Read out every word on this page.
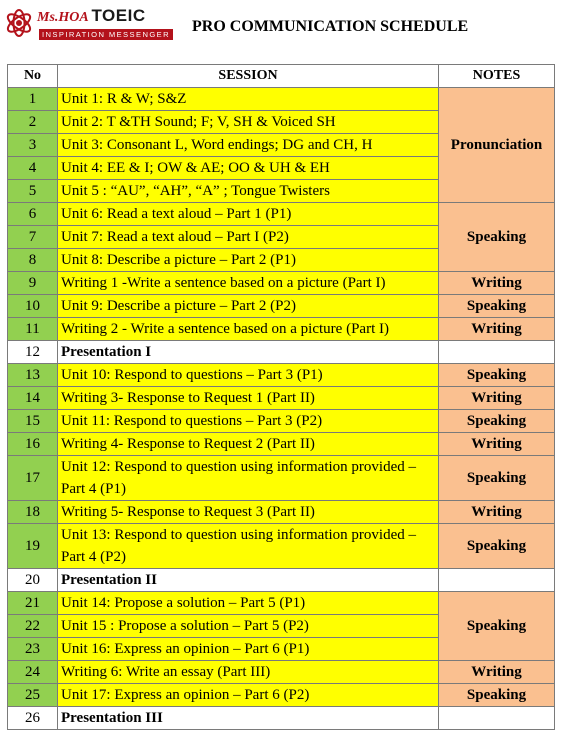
Ms.HOA TOEIC
INSPIRATION MESSENGER PRO COMMUNICATION SCHEDULE
No	SESSION	NOTES
1	Unit 1: R & W; S&Z	Pronunciation
2	Unit 2: T &TH Sound; F; V, SH & Voiced SH	
3	Unit 3: Consonant L, Word endings; DG and CH, H	
4	Unit 4: EE & I; OW & AE; OO & UH & EH	
5	Unit 5 : “AU”, “AH”, “A” ; Tongue Twisters	
6	Unit 6: Read a text aloud – Part 1 (P1)	Speaking
7	Unit 7: Read a text aloud – Part I (P2)	
8	Unit 8: Describe a picture – Part 2 (P1)	
9	Writing 1 -Write a sentence based on a picture (Part I)	Writing
10	Unit 9: Describe a picture – Part 2 (P2)	Speaking
11	Writing 2 - Write a sentence based on a picture (Part I)	Writing
12	Presentation I	
13	Unit 10: Respond to questions – Part 3 (P1)	Speaking
14	Writing 3- Response to Request 1 (Part II)	Writing
15	Unit 11: Respond to questions – Part 3 (P2)	Speaking
16	Writing 4- Response to Request 2 (Part II)	Writing
17	Unit 12: Respond to question using information provided – Part 4 (P1)	Speaking
18	Writing 5- Response to Request 3 (Part II)	Writing
19	Unit 13: Respond to question using information provided – Part 4 (P2)	Speaking
20	Presentation II	
21	Unit 14: Propose a solution – Part 5 (P1)	Speaking
22	Unit 15 : Propose a solution – Part 5 (P2)	
23	Unit 16: Express an opinion – Part 6 (P1)	
24	Writing 6: Write an essay (Part III)	Writing
25	Unit 17: Express an opinion – Part 6 (P2)	Speaking
26	Presentation III	
